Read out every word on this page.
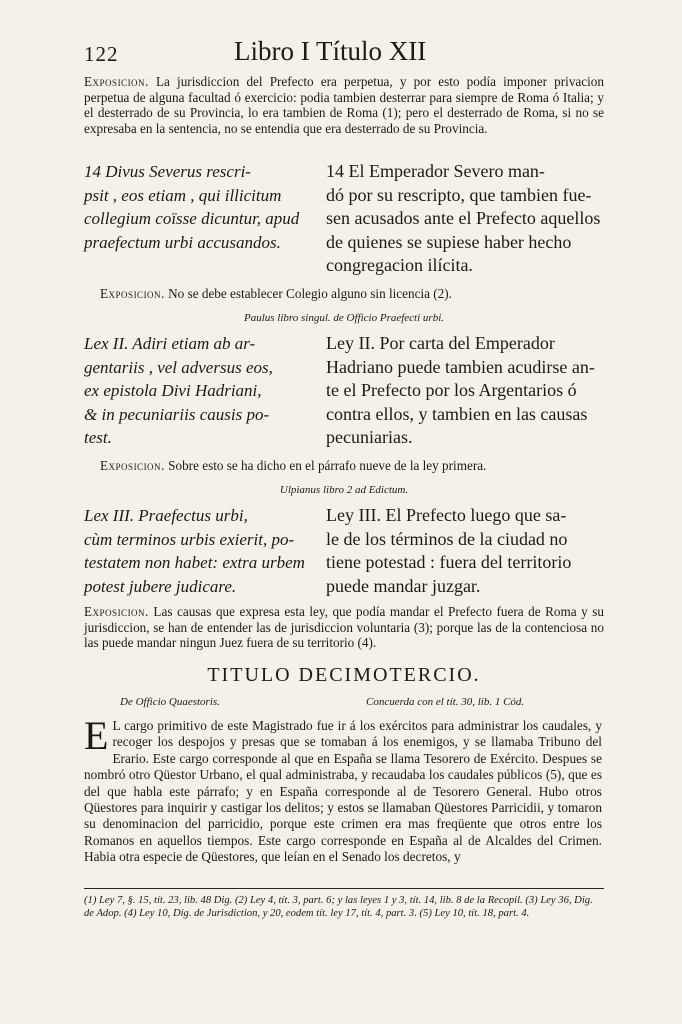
122	Libro I Título XII
Exposicion. La jurisdiccion del Prefecto era perpetua, y por esto podía imponer privacion perpetua de alguna facultad ó exercicio: podia tambien desterrar para siempre de Roma ó Italia; y el desterrado de su Provincia, lo era tambien de Roma (1); pero el desterrado de Roma, si no se expresaba en la sentencia, no se entendia que era desterrado de su Provincia.
14 Divus Severus rescri-
psit , eos etiam , qui illicitum
collegium coïsse dicuntur, apud
praefectum urbi accusandos.
14 El Emperador Severo man-
dó por su rescripto, que tambien fue-
sen acusados ante el Prefecto aquellos
de quienes se supiese haber hecho
congregacion ilícita.
Exposicion. No se debe establecer Colegio alguno sin licencia (2).
Paulus libro singul. de Officio Praefecti urbi.
Lex II. Adiri etiam ab ar-
gentariis , vel adversus eos,
ex epistola Divi Hadriani,
& in pecuniariis causis po-
test.
Ley II. Por carta del Emperador
Hadriano puede tambien acudirse an-
te el Prefecto por los Argentarios ó
contra ellos, y tambien en las causas
pecuniarias.
Exposicion. Sobre esto se ha dicho en el párrafo nueve de la ley primera.
Ulpianus libro 2 ad Edictum.
Lex III. Praefectus urbi,
cùm terminos urbis exierit, po-
testatem non habet: extra urbem
potest jubere judicare.
Ley III. El Prefecto luego que sa-
le de los términos de la ciudad no
tiene potestad : fuera del territorio
puede mandar juzgar.
Exposicion. Las causas que expresa esta ley, que podía mandar el Prefecto fuera de Roma y su jurisdiccion, se han de entender las de jurisdiccion voluntaria (3); porque las de la contenciosa no las puede mandar ningun Juez fuera de su territorio (4).
TITULO DECIMOTERCIO.
De Officio Quaestoris.	Concuerda con el tít. 30, lib. 1 Cód.
E L cargo primitivo de este Magistrado fue ir á los exércitos para administrar los caudales, y recoger los despojos y presas que se tomaban á los enemigos, y se llamaba Tribuno del Erario. Este cargo corresponde al que en España se llama Tesorero de Exército. Despues se nombró otro Qüestor Urbano, el qual administraba, y recaudaba los caudales públicos (5), que es del que habla este párrafo; y en España corresponde al de Tesorero General. Hubo otros Qüestores para inquirir y castigar los delitos; y estos se llamaban Qüestores Parricidii, y tomaron su denominacion del parricidio, porque este crimen era mas freqüente que otros entre los Romanos en aquellos tiempos. Este cargo corresponde en España al de Alcaldes del Crimen. Habia otra especie de Qüestores, que leían en el Senado los decretos, y
(1) Ley 7, §. 15, tít. 23, lib. 48 Dig. (2) Ley 4, tít. 3, part. 6; y las leyes 1 y 3, tít. 14, lib. 8 de la Recopil. (3) Ley 36, Dig. de Adop. (4) Ley 10, Dig. de Jurisdiction, y 20, eodem tít. ley 17, tít. 4, part. 3. (5) Ley 10, tít. 18, part. 4.
